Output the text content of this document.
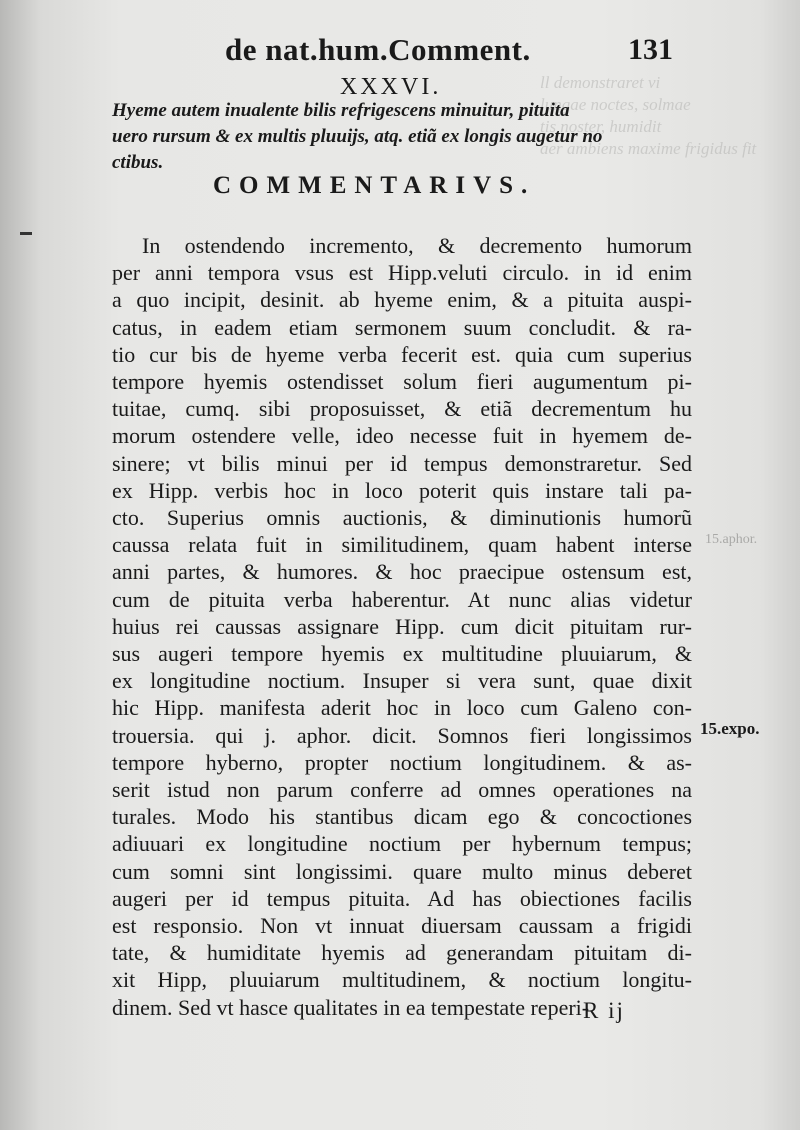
ll demonstraret vi
lungae noctes, solmae
tis noster, humidit
aer ambiens maxime frigidus fit
de nat.hum.Comment.	131
XXXVI.
Hyeme autem inualente bilis refrigescens minuitur, pituita
uero rursum & ex multis pluuijs, atq. etiã ex longis augetur no
ctibus.
COMMENTARIVS.
In ostendendo incremento, & decremento humorum
per anni tempora vsus est Hipp.veluti circulo. in id enim
a quo incipit, desinit. ab hyeme enim, & a pituita auspi-
catus, in eadem etiam sermonem suum concludit. & ra-
tio cur bis de hyeme verba fecerit est. quia cum superius
tempore hyemis ostendisset solum fieri augumentum pi-
tuitae, cumq. sibi proposuisset, & etiã decrementum hu
morum ostendere velle, ideo necesse fuit in hyemem de-
sinere; vt bilis minui per id tempus demonstraretur. Sed
ex Hipp. verbis hoc in loco poterit quis instare tali pa-
cto. Superius omnis auctionis, & diminutionis humorũ
caussa relata fuit in similitudinem, quam habent interse
anni partes, & humores. & hoc praecipue ostensum est,
cum de pituita verba haberentur. At nunc alias videtur
huius rei caussas assignare Hipp. cum dicit pituitam rur-
sus augeri tempore hyemis ex multitudine pluuiarum, &
ex longitudine noctium. Insuper si vera sunt, quae dixit
hic Hipp. manifesta aderit hoc in loco cum Galeno con-
trouersia. qui j. aphor. dicit. Somnos fieri longissimos
tempore hyberno, propter noctium longitudinem. & as-
serit istud non parum conferre ad omnes operationes na
turales. Modo his stantibus dicam ego & concoctiones
adiuuari ex longitudine noctium per hybernum tempus;
cum somni sint longissimi. quare multo minus deberet
augeri per id tempus pituita. Ad has obiectiones facilis
est responsio. Non vt innuat diuersam caussam a frigidi
tate, & humiditate hyemis ad generandam pituitam di-
xit Hipp, pluuiarum multitudinem, & noctium longitu-
dinem. Sed vt hasce qualitates in ea tempestate reperi-
15.aphor.
15.expo.
R ij
